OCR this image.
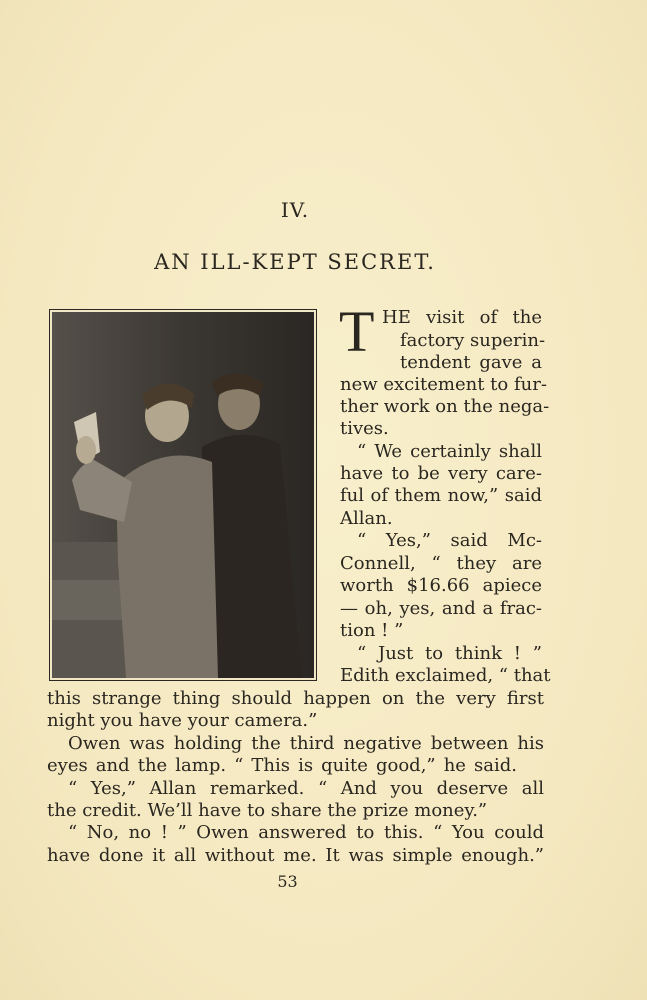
IV.
AN ILL-KEPT SECRET.
T HE visit of the
factory superin-
tendent gave a
new excitement to fur-
ther work on the nega-
tives.
“ We certainly shall
have to be very care-
ful of them now,” said
Allan.
“ Yes,” said Mc-
Connell, “ they are
worth $16.66 apiece
— oh, yes, and a frac-
tion ! ”
“ Just to think ! ”
Edith exclaimed, “ that
this strange thing should happen on the very first
night you have your camera.”
Owen was holding the third negative between his
eyes and the lamp. “ This is quite good,” he said.
“ Yes,” Allan remarked. “ And you deserve all
the credit. We’ll have to share the prize money.”
“ No, no ! ” Owen answered to this. “ You could
have done it all without me. It was simple enough.”
53
